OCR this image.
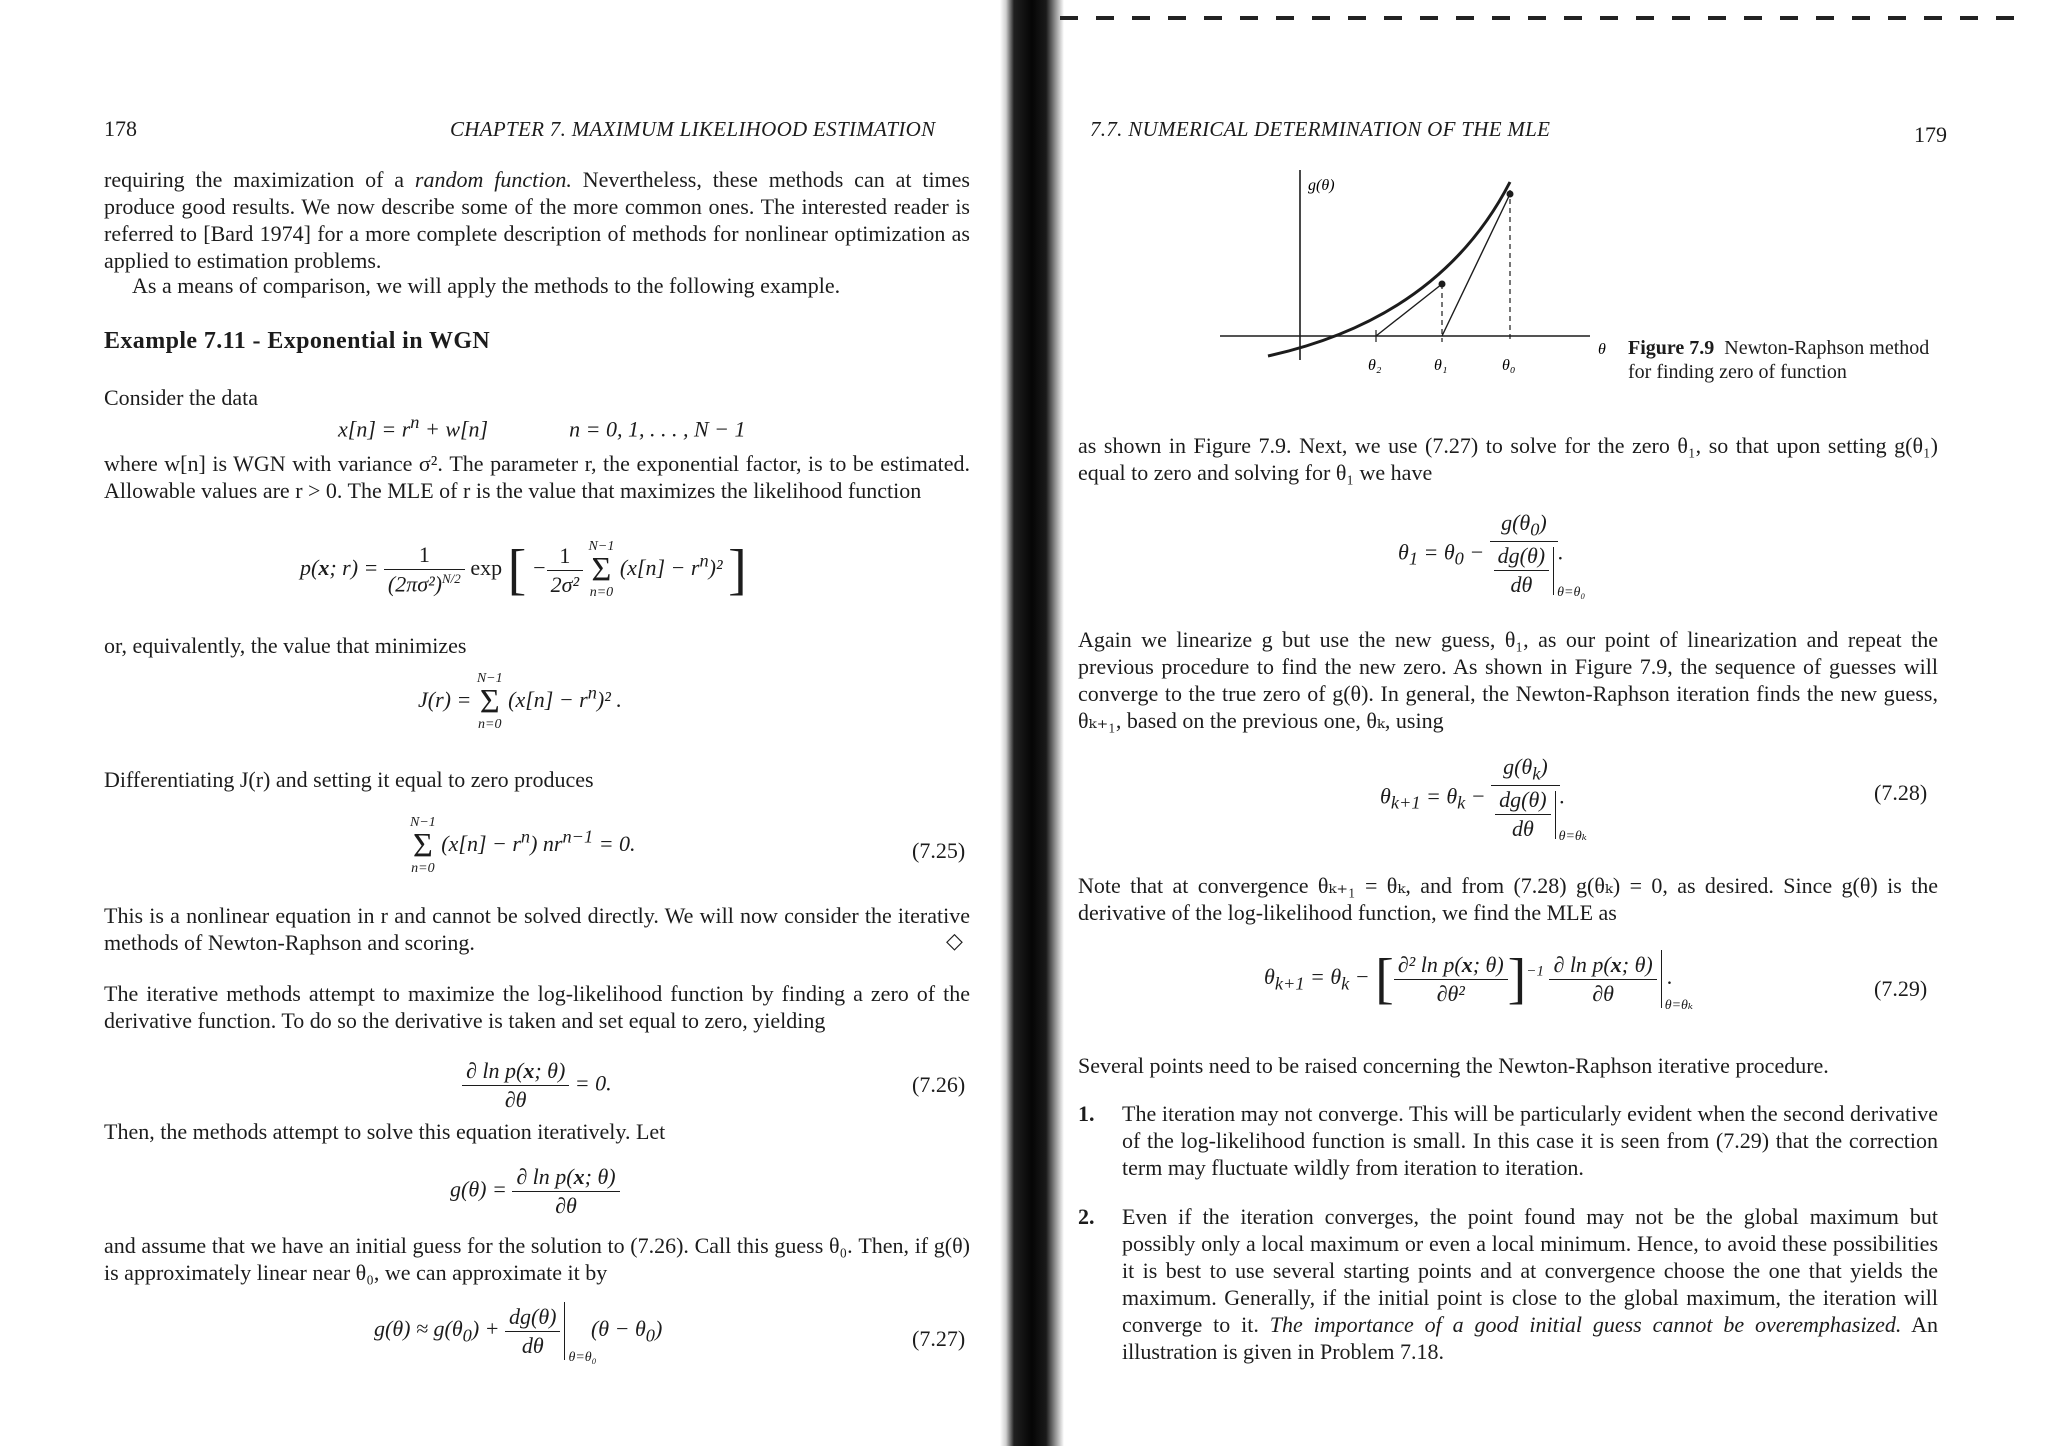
178	CHAPTER 7. MAXIMUM LIKELIHOOD ESTIMATION

requiring the maximization of a random function. Nevertheless, these methods can at times produce good results. We now describe some of the more common ones. The interested reader is referred to [Bard 1974] for a more complete description of methods for nonlinear optimization as applied to estimation problems.

As a means of comparison, we will apply the methods to the following example.

Example 7.11 - Exponential in WGN

Consider the data

$x[n] = r^n + w[n]$	n = 0, 1, . . . , N − 1

where w[n] is WGN with variance σ². The parameter r, the exponential factor, is to be estimated. Allowable values are r > 0. The MLE of r is the value that maximizes the likelihood function

p(x; $r) = \frac{1}{(2\pi\sigma^2)^{N/2}}$ exp [ − $\frac{1}{\text{2σ²}}$
N−1
Σ
n=0
$(x[n] - r^n)^2$ ]

or, equivalently, the value that minimizes

J(r) =
N−1
Σ
n=0
$(x[n] - r^n)^2$ .

Differentiating J(r) and setting it equal to zero produces

N−1
Σ
n=0
$(x[n] - r^n)$ $nr^{n-1} = 0$.	(7.25)

This is a nonlinear equation in r and cannot be solved directly. We will now consider the iterative methods of Newton-Raphson and scoring.	◇

The iterative methods attempt to maximize the log-likelihood function by finding a zero of the derivative function. To do so the derivative is taken and set equal to zero, yielding

$\frac{\text{∂ ln p(x; θ)}}{\partial\theta} = 0$.	(7.26)

Then, the methods attempt to solve this equation iteratively. Let

$g(\theta) = \frac{\text{∂ ln p(x; θ)}}{\partial\theta}$

and assume that we have an initial guess for the solution to (7.26). Call this guess θ₀. Then, if g(θ) is approximately linear near θ₀, we can approximate it by

$g(\theta) \approx g(\theta_0) + \frac{dg(\theta)}{d\theta} \theta=\theta_0$
$(\theta - \theta_0)$	(7.27)
7.7. NUMERICAL DETERMINATION OF THE MLE	179
g(θ)
θ
θ₂	θ₁	θ₀
Figure 7.9 Newton-Raphson method for finding zero of function

as shown in Figure 7.9. Next, we use (7.27) to solve for the zero θ₁, so that upon setting g(θ₁) equal to zero and solving for θ₁ we have

$\theta_1 = \theta_0 - \frac{g(\theta_0)}{\frac{dg(\theta)}{d\theta} \theta=\theta_0}$ .

Again we linearize g but use the new guess, θ₁, as our point of linearization and repeat the previous procedure to find the new zero. As shown in Figure 7.9, the sequence of guesses will converge to the true zero of g(θ). In general, the Newton-Raphson iteration finds the new guess, θₖ₊₁, based on the previous one, θₖ, using

$\theta_{k+1} = \theta_k - \frac{g(\theta_k)}{\frac{dg(\theta)}{d\theta} \theta=\theta_k}$ .	(7.28)

Note that at convergence θₖ₊₁ = θₖ, and from (7.28) g(θₖ) = 0, as desired. Since g(θ) is the derivative of the log-likelihood function, we find the MLE as

$\theta_{k+1} = \theta_k$ − [ $\frac{\text{∂² ln p(x; θ)}}{\text{∂θ²}} ]^{-1} \frac{\text{∂ ln p(x; θ)}}{\partial\theta} \theta=\theta_k$
.	(7.29)

Several points need to be raised concerning the Newton-Raphson iterative procedure.

1. The iteration may not converge. This will be particularly evident when the second derivative of the log-likelihood function is small. In this case it is seen from (7.29) that the correction term may fluctuate wildly from iteration to iteration.
2. Even if the iteration converges, the point found may not be the global maximum but possibly only a local maximum or even a local minimum. Hence, to avoid these possibilities it is best to use several starting points and at convergence choose the one that yields the maximum. Generally, if the initial point is close to the global maximum, the iteration will converge to it. The importance of a good initial guess cannot be overemphasized. An illustration is given in Problem 7.18.
